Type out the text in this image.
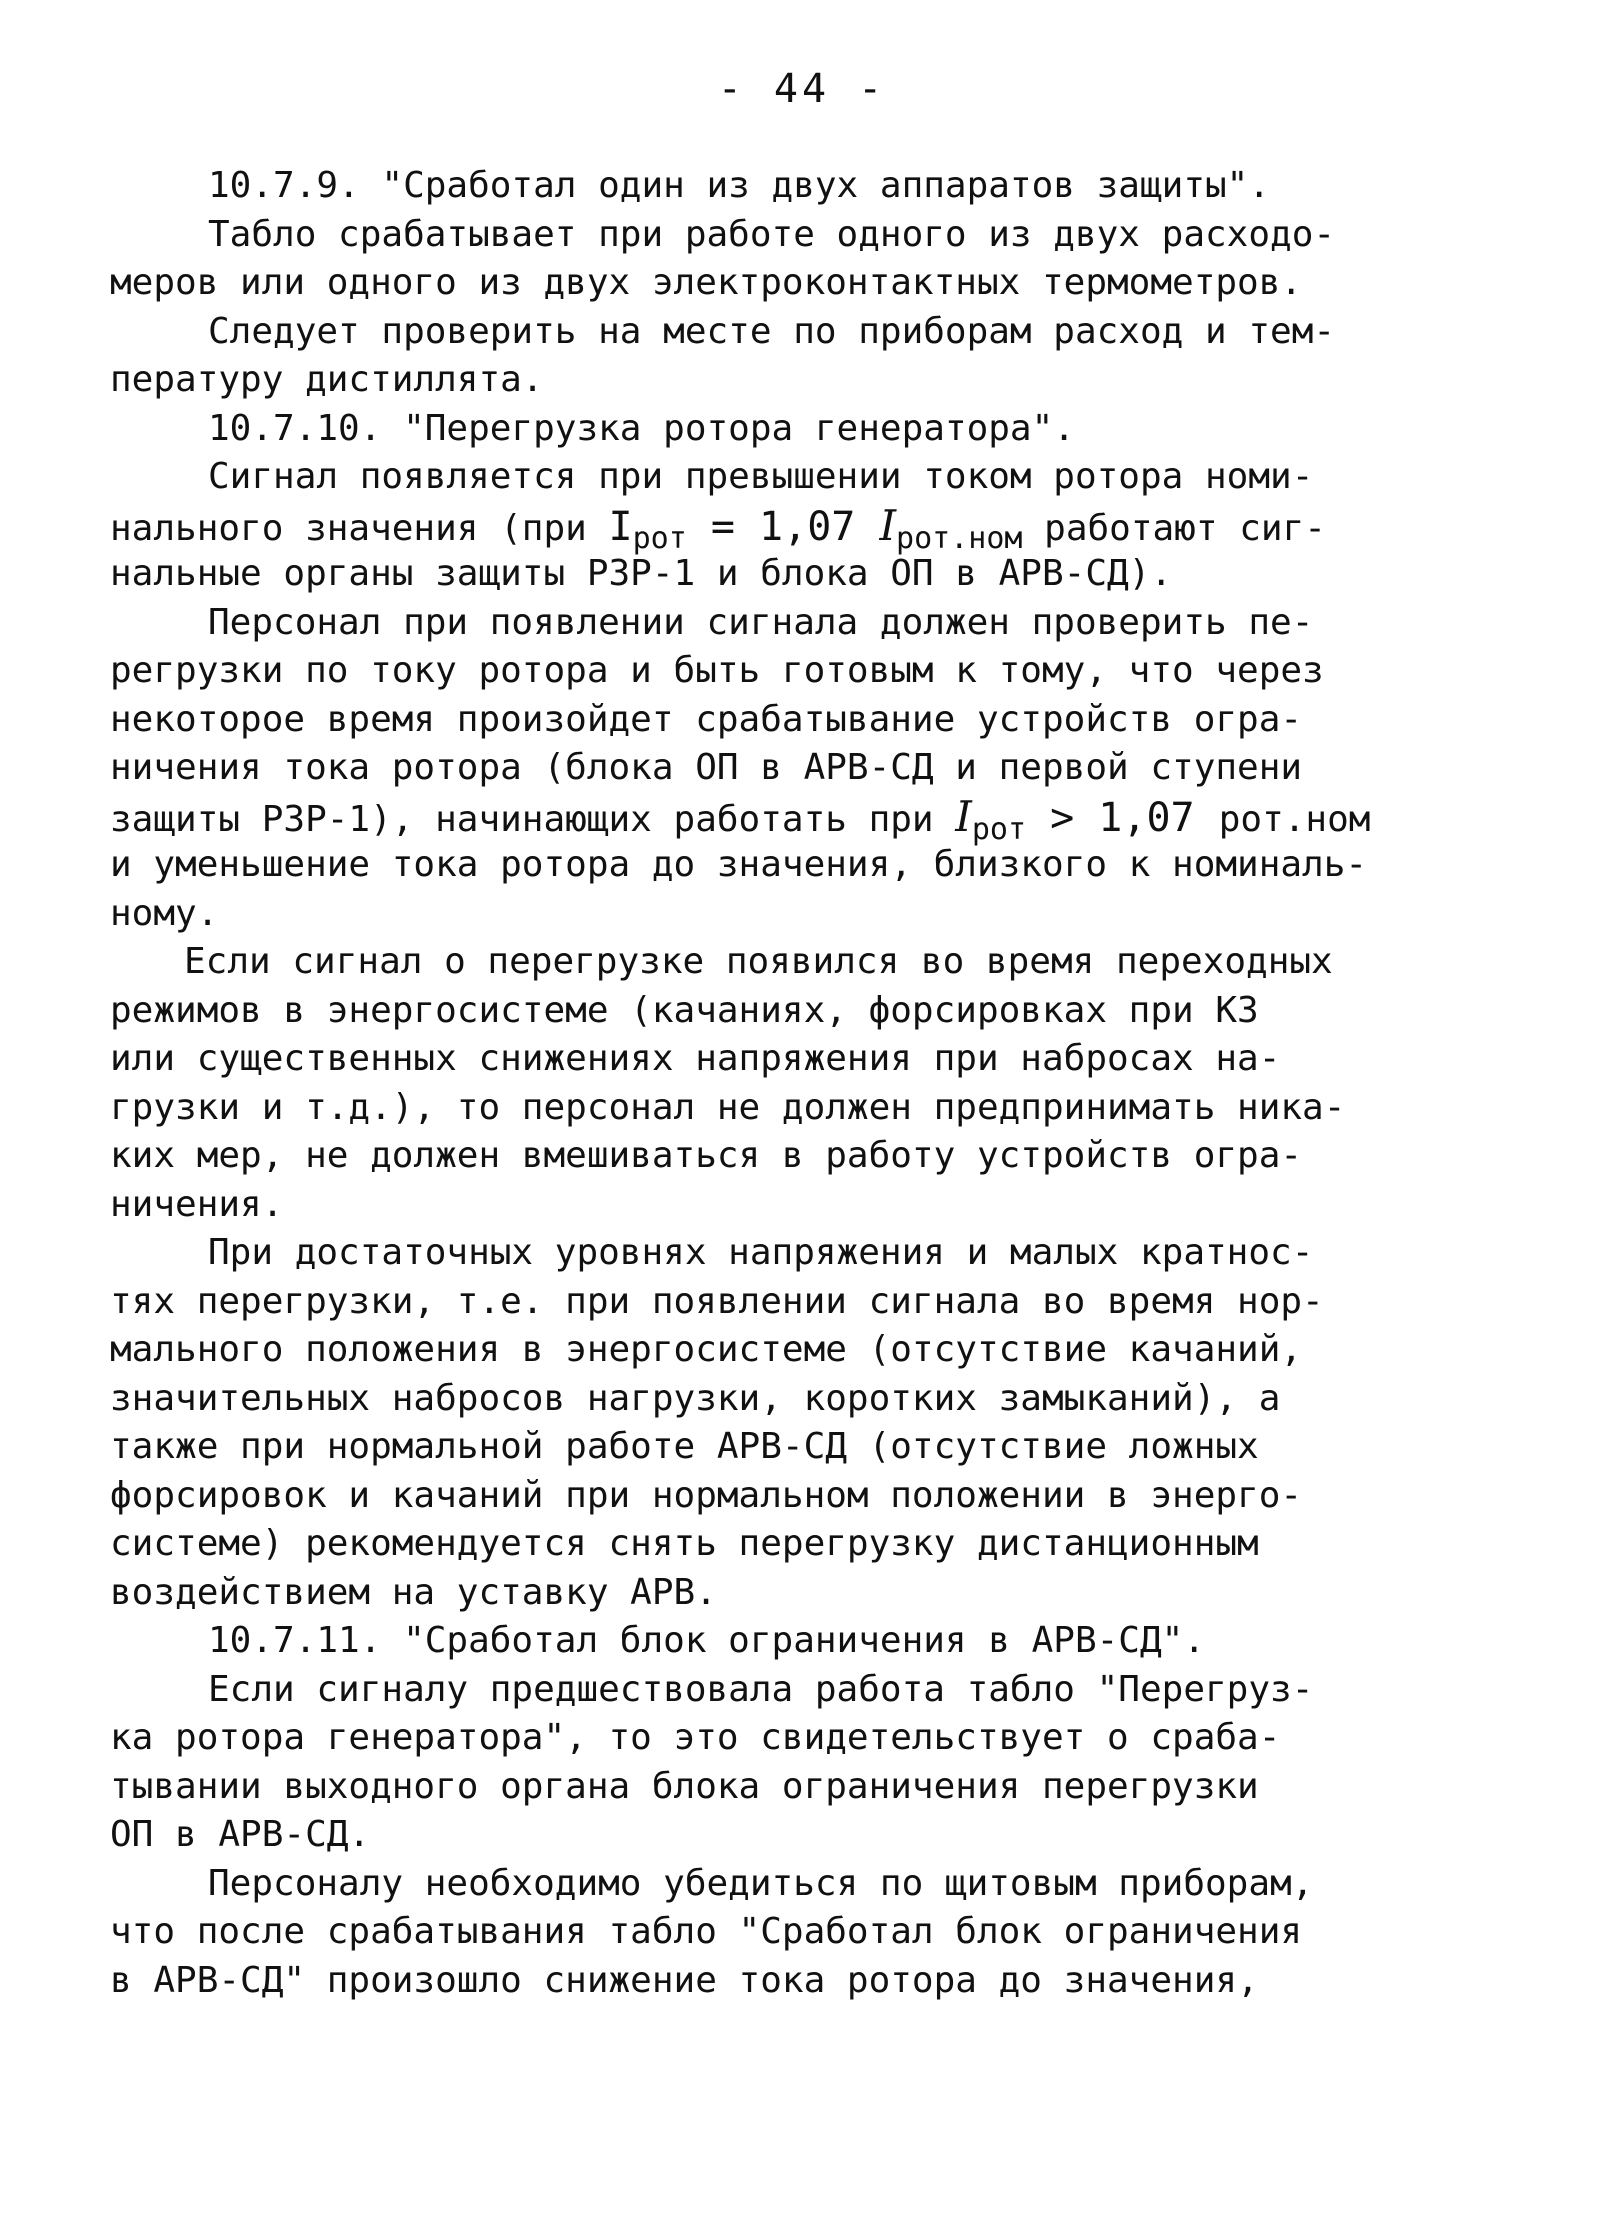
- 44 -
10.7.9. "Сработал один из двух аппаратов защиты".
Табло срабатывает при работе одного из двух расходо-
меров или одного из двух электроконтактных термометров.
Следует проверить на месте по приборам расход и тем-
пературу дистиллята.
10.7.10. "Перегрузка ротора генератора".
Сигнал появляется при превышении током ротора номи-
нального значения (при $I_{рот} = 1,07$ $I_{рот.ном}$ работают сиг-
нальные органы защиты РЗР-1 и блока ОП в АРВ-СД).
Персонал при появлении сигнала должен проверить пе-
регрузки по току ротора и быть готовым к тому, что через
некоторое время произойдет срабатывание устройств огра-
ничения тока ротора (блока ОП в АРВ-СД и первой ступени
защиты РЗР-1), начинающих работать при $I_{рот} > 1,07$ рот.ном
и уменьшение тока ротора до значения, близкого к номиналь-
ному.
Если сигнал о перегрузке появился во время переходных
режимов в энергосистеме (качаниях, форсировках при КЗ
или существенных снижениях напряжения при набросах на-
грузки и т.д.), то персонал не должен предпринимать ника-
ких мер, не должен вмешиваться в работу устройств огра-
ничения.
При достаточных уровнях напряжения и малых кратнос-
тях перегрузки, т.е. при появлении сигнала во время нор-
мального положения в энергосистеме (отсутствие качаний,
значительных набросов нагрузки, коротких замыканий), а
также при нормальной работе АРВ-СД (отсутствие ложных
форсировок и качаний при нормальном положении в энерго-
системе) рекомендуется снять перегрузку дистанционным
воздействием на уставку АРВ.
10.7.11. "Сработал блок ограничения в АРВ-СД".
Если сигналу предшествовала работа табло "Перегруз-
ка ротора генератора", то это свидетельствует о сраба-
тывании выходного органа блока ограничения перегрузки
ОП в АРВ-СД.
Персоналу необходимо убедиться по щитовым приборам,
что после срабатывания табло "Сработал блок ограничения
в АРВ-СД" произошло снижение тока ротора до значения,
